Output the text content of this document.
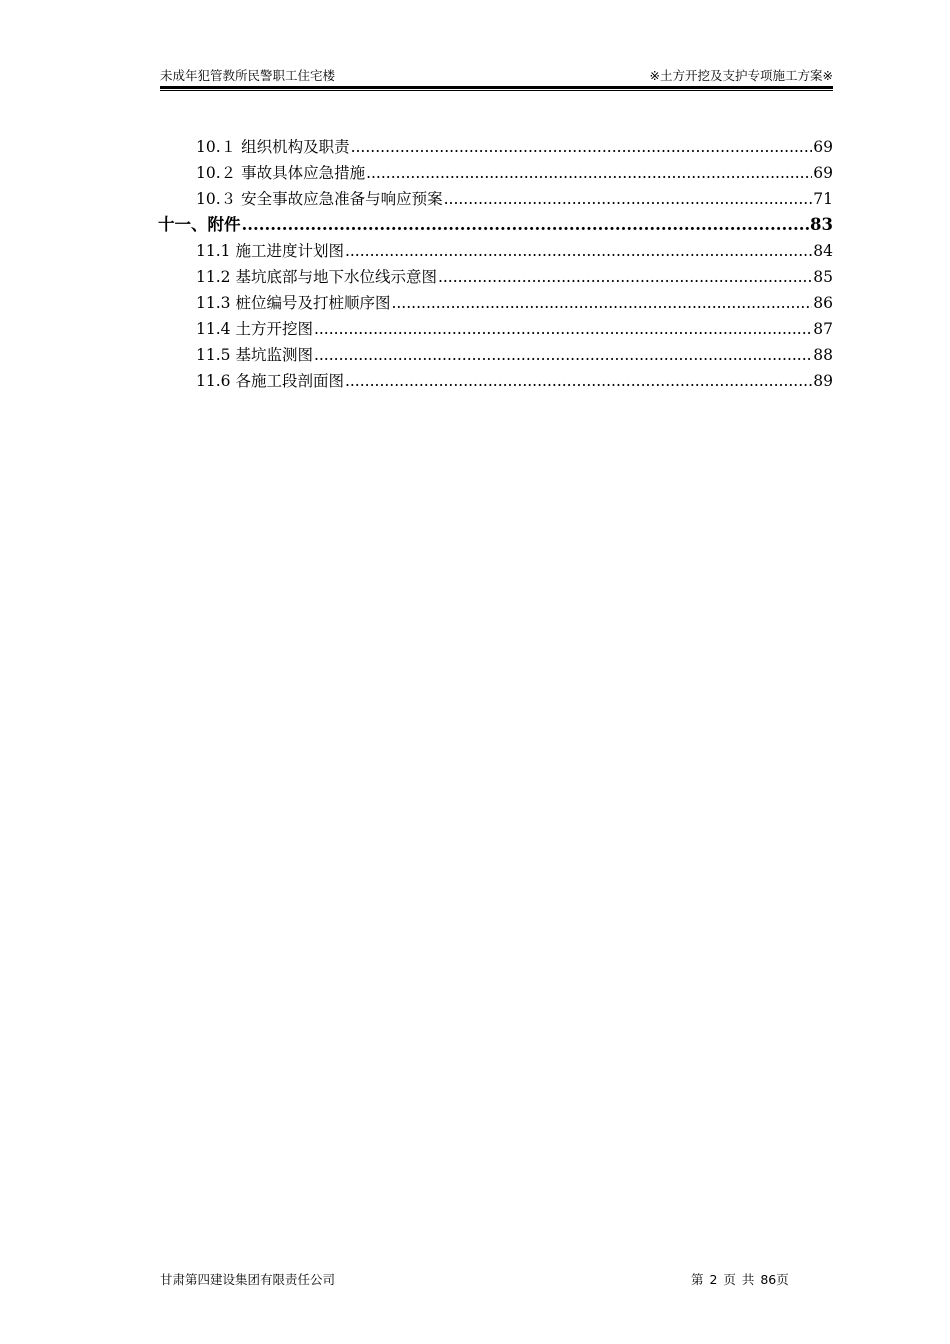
未成年犯管教所民警职工住宅楼	※土方开挖及支护专项施工方案※
10.１ 组织机构及职责 .....	69
10.２ 事故具体应急措施 .....	69
10.３ 安全事故应急准备与响应预案 .....	71
十一、附件 .....	83
11.1 施工进度计划图 .....	84
11.2 基坑底部与地下水位线示意图 .....	85
11.3 桩位编号及打桩顺序图 .....	86
11.4 土方开挖图 .....	87
11.5 基坑监测图 .....	88
11.6 各施工段剖面图 .....	89
甘肃第四建设集团有限责任公司	第 2 页 共 86页
